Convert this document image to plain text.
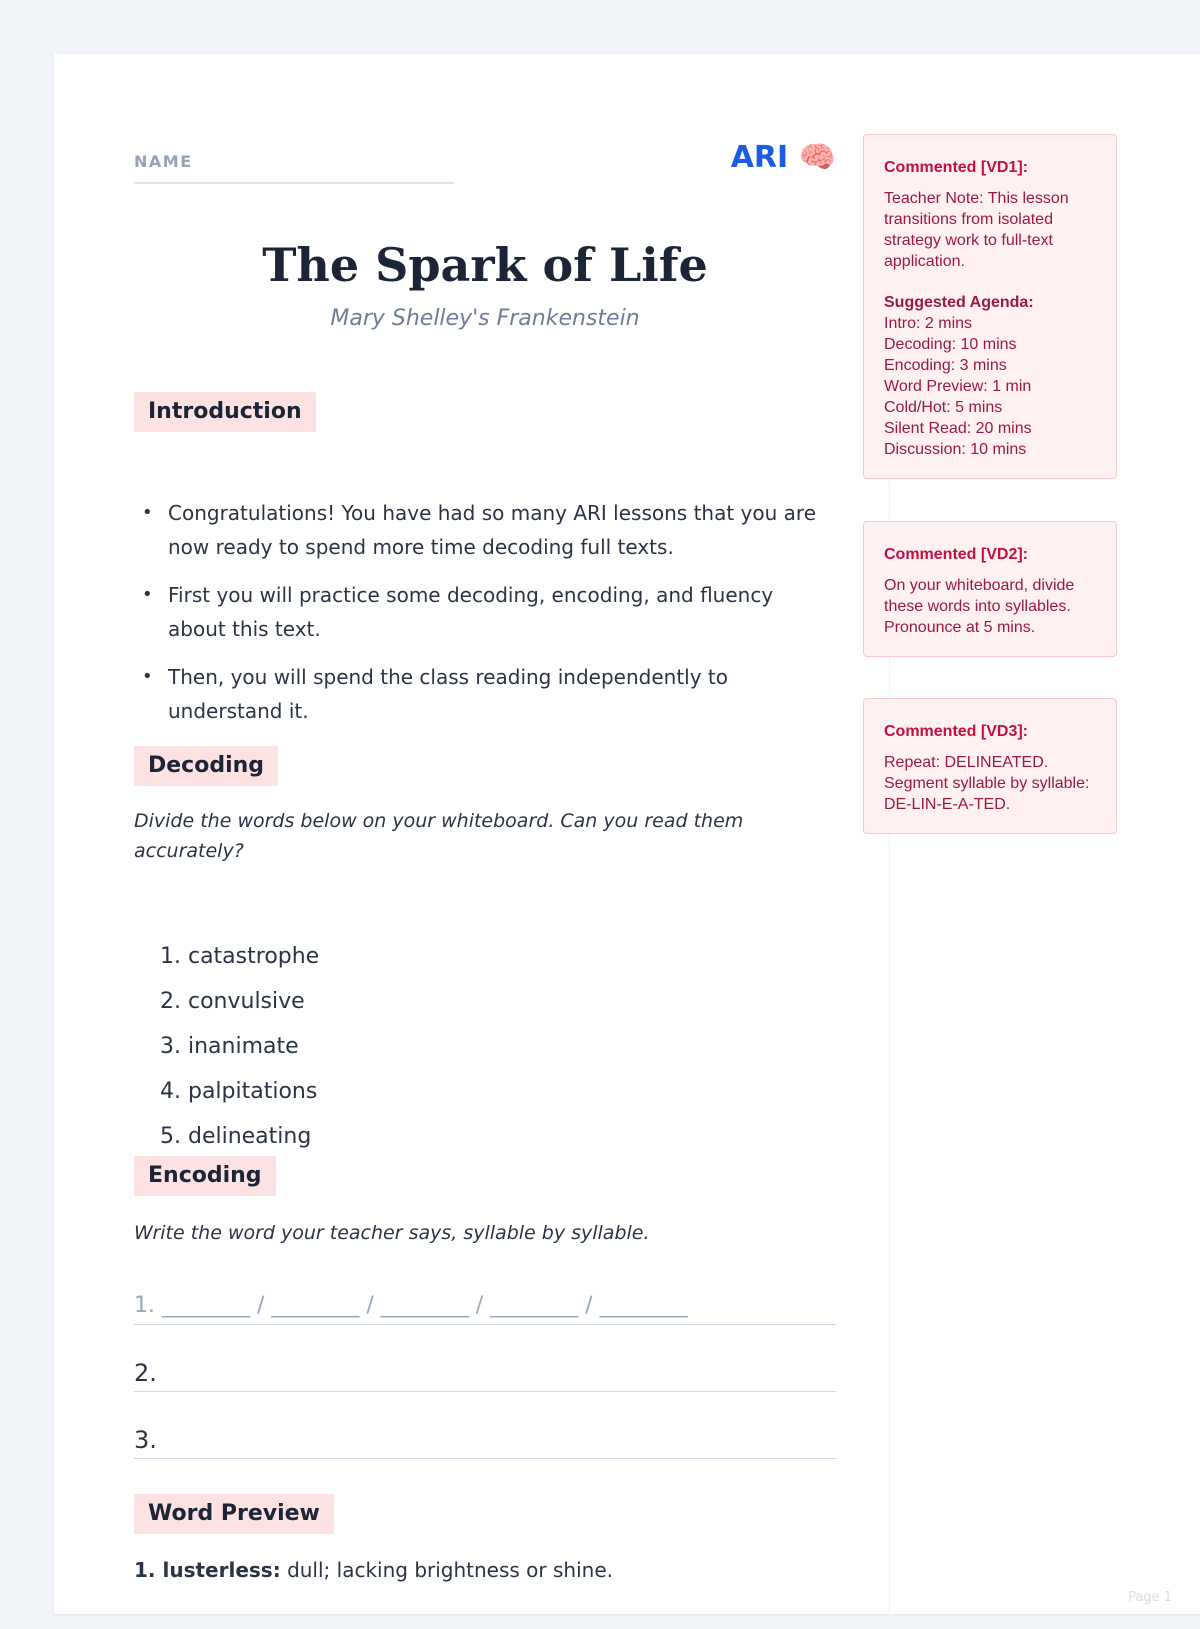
NAME	ARI 🧠
The Spark of Life
Mary Shelley's Frankenstein
Introduction
• Congratulations! You have had so many ARI lessons that you are now ready to spend more time decoding full texts.
• First you will practice some decoding, encoding, and fluency about this text.
• Then, you will spend the class reading independently to understand it.
Decoding
Divide the words below on your whiteboard. Can you read them accurately?
1. catastrophe
2. convulsive
3. inanimate
4. palpitations
5. delineating
Encoding
Write the word your teacher says, syllable by syllable.
1. ________ / ________ / ________ / ________ / ________
2.
3.
Word Preview
1. lusterless: dull; lacking brightness or shine.
Commented [VD1]:
Teacher Note: This lesson transitions from isolated strategy work to full-text application.
Suggested Agenda:
Intro: 2 mins
Decoding: 10 mins
Encoding: 3 mins
Word Preview: 1 min
Cold/Hot: 5 mins
Silent Read: 20 mins
Discussion: 10 mins
Commented [VD2]:
On your whiteboard, divide these words into syllables. Pronounce at 5 mins.
Commented [VD3]:
Repeat: DELINEATED. Segment syllable by syllable: DE-LIN-E-A-TED.
Page 1
